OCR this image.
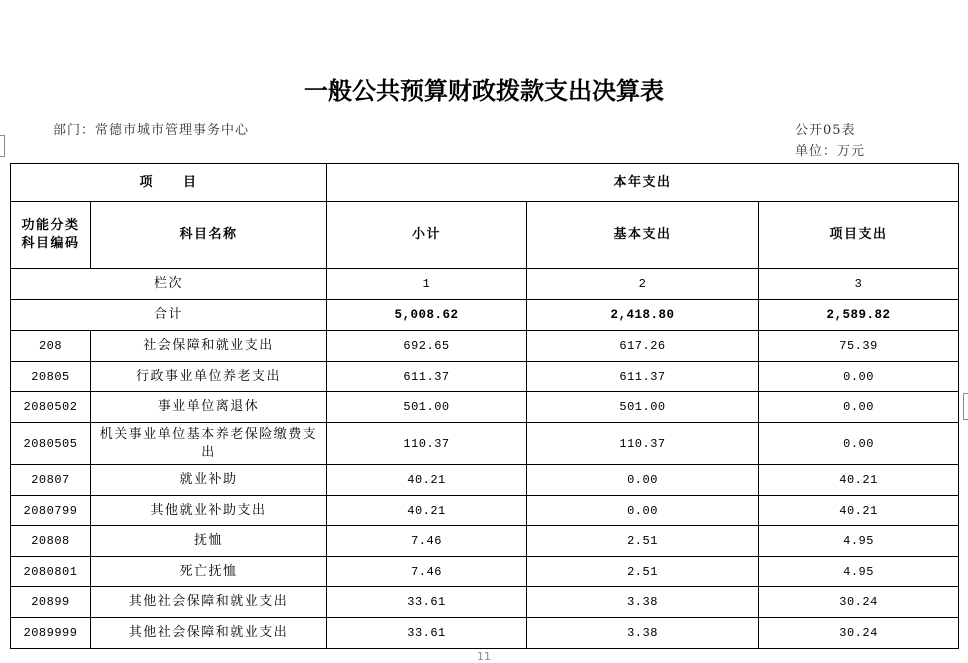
一般公共预算财政拨款支出决算表
部门：常德市城市管理事务中心	公开05表
单位：万元
项　　目		本年支出		
功能分类
科目编码	科目名称	小计	基本支出	项目支出
栏次		1	2	3
合计		5,008.62	2,418.80	2,589.82
208	社会保障和就业支出	692.65	617.26	75.39
20805	行政事业单位养老支出	611.37	611.37	0.00
2080502	事业单位离退休	501.00	501.00	0.00
2080505	机关事业单位基本养老保险缴费支出	110.37	110.37	0.00
20807	就业补助	40.21	0.00	40.21
2080799	其他就业补助支出	40.21	0.00	40.21
20808	抚恤	7.46	2.51	4.95
2080801	死亡抚恤	7.46	2.51	4.95
20899	其他社会保障和就业支出	33.61	3.38	30.24
2089999	其他社会保障和就业支出	33.61	3.38	30.24
11
